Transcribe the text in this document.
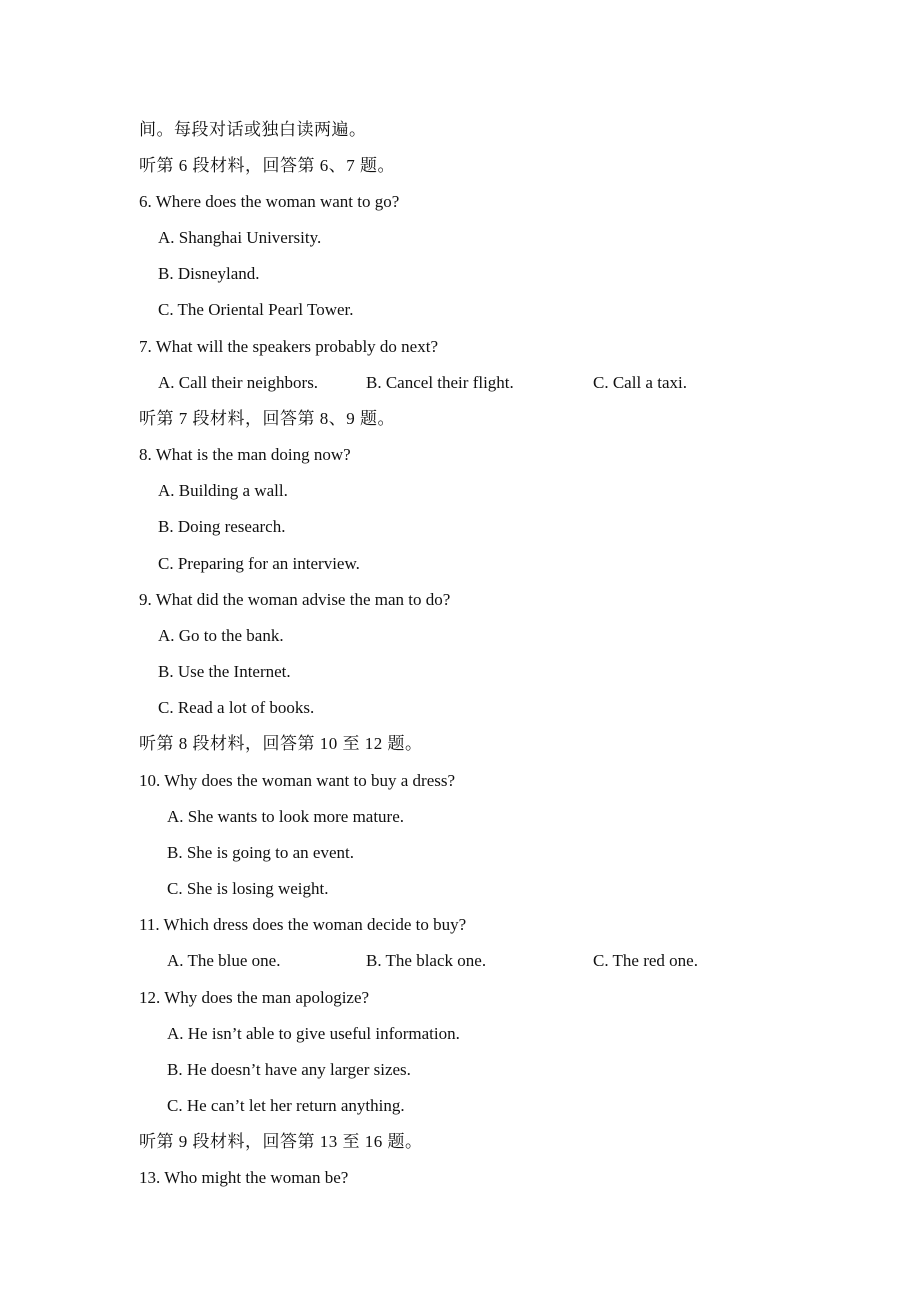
间。每段对话或独白读两遍。
听第 6 段材料，回答第 6、7 题。
6. Where does the woman want to go?
A. Shanghai University.
B. Disneyland.
C. The Oriental Pearl Tower.
7. What will the speakers probably do next?
A. Call their neighbors.	B. Cancel their flight.	C. Call a taxi.
听第 7 段材料，回答第 8、9 题。
8. What is the man doing now?
A. Building a wall.
B. Doing research.
C. Preparing for an interview.
9. What did the woman advise the man to do?
A. Go to the bank.
B. Use the Internet.
C. Read a lot of books.
听第 8 段材料，回答第 10 至 12 题。
10. Why does the woman want to buy a dress?
A. She wants to look more mature.
B. She is going to an event.
C. She is losing weight.
11. Which dress does the woman decide to buy?
A. The blue one.	B. The black one.	C. The red one.
12. Why does the man apologize?
A. He isn’t able to give useful information.
B. He doesn’t have any larger sizes.
C. He can’t let her return anything.
听第 9 段材料，回答第 13 至 16 题。
13. Who might the woman be?
